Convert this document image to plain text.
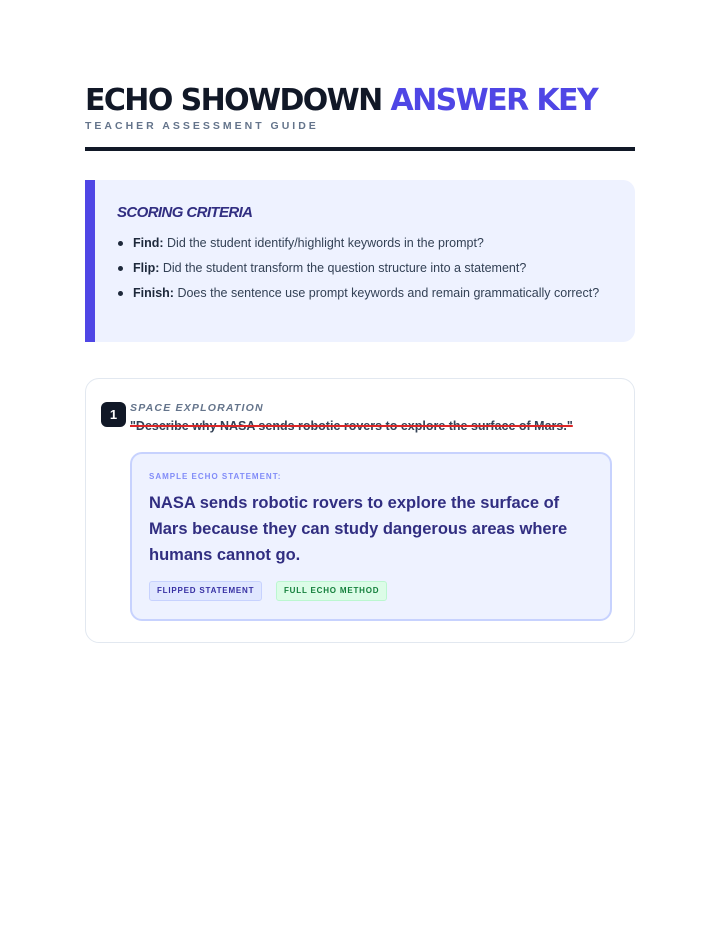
ECHO SHOWDOWN ANSWER KEY
TEACHER ASSESSMENT GUIDE
SCORING CRITERIA
Find: Did the student identify/highlight keywords in the prompt?
Flip: Did the student transform the question structure into a statement?
Finish: Does the sentence use prompt keywords and remain grammatically correct?
1	SPACE EXPLORATION
"Describe why NASA sends robotic rovers to explore the surface of Mars."
SAMPLE ECHO STATEMENT:

NASA sends robotic rovers to explore the surface of Mars because they can study dangerous areas where humans cannot go.

FLIPPED STATEMENT	FULL ECHO METHOD
